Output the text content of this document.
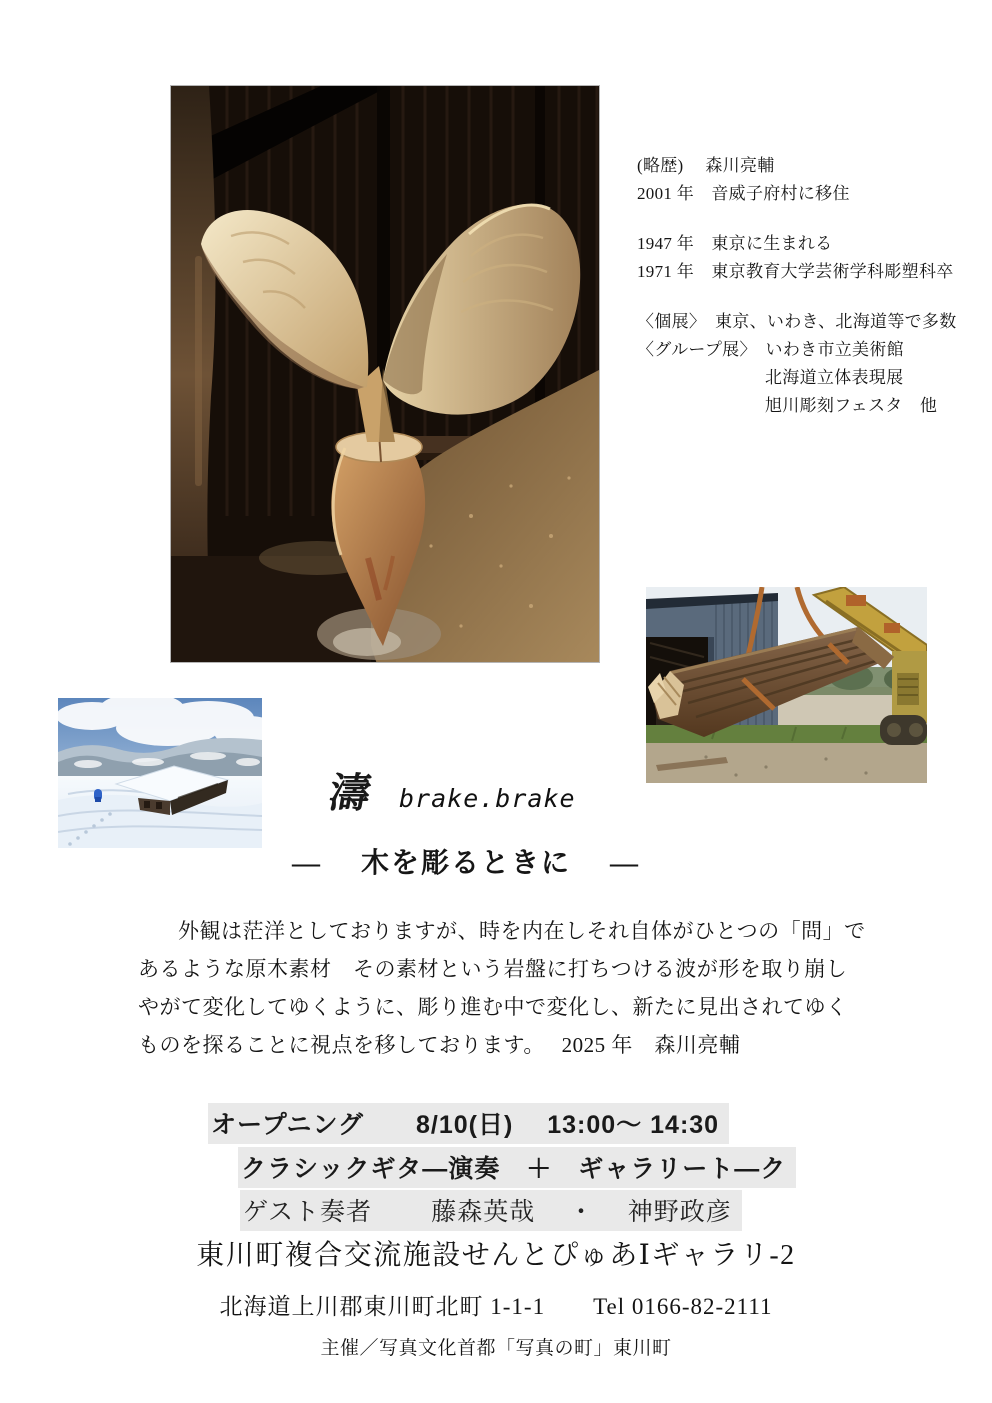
(略歴)　 森川亮輔
2001 年　音威子府村に移住
1947 年　東京に生まれる
1971 年　東京教育大学芸術学科彫塑科卒
〈個展〉　東京、いわき、北海道等で多数
〈グループ展〉　いわき市立美術館
北海道立体表現展
旭川彫刻フェスタ　他
濤 brake.brake
―　 木を彫るときに　 ―
外観は茫洋としておりますが、時を内在しそれ自体がひとつの「問」で
あるような原木素材　その素材という岩盤に打ちつける波が形を取り崩し
やがて変化してゆくように、彫り進む中で変化し、新たに見出されてゆく
ものを探ることに視点を移しております。　 2025 年　森川亮輔
オープニング　　8/10(日)　 13:00～ 14:30
クラシックギタ―演奏　＋　ギャラリート―ク
ゲスト奏者　　 藤森英哉　 ・　 神野政彦
東川町複合交流施設せんとぴゅあⅠギャラリ-2
北海道上川郡東川町北町 1-1-1　　Tel 0166-82-2111
主催／写真文化首都「写真の町」東川町
